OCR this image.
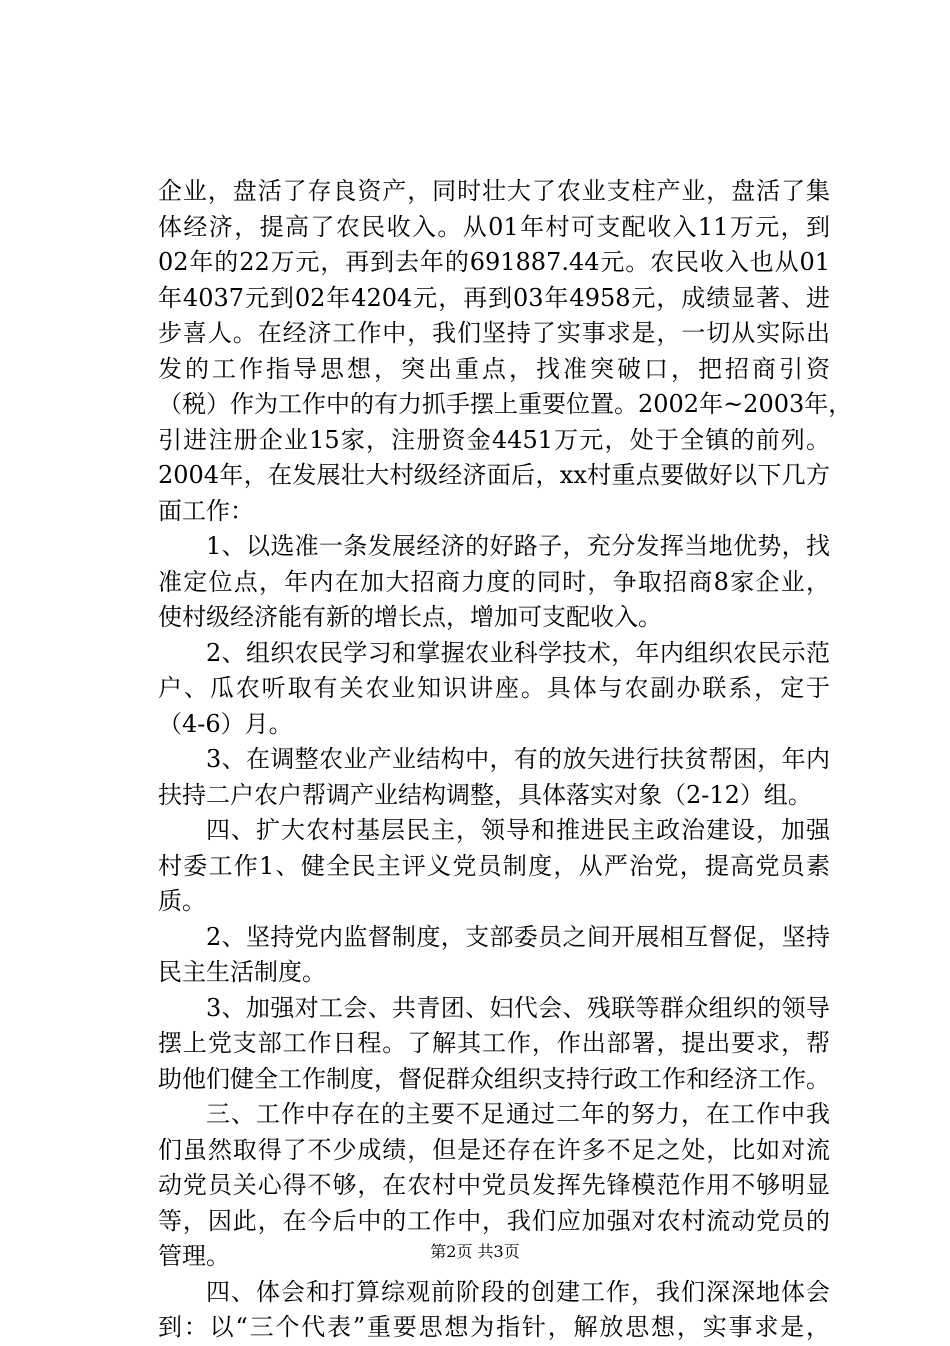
企业，盘活了存良资产，同时壮大了农业支柱产业，盘活了集
体经济，提高了农民收入。从01年村可支配收入11万元，到
02年的22万元，再到去年的691887.44元。农民收入也从01
年4037元到02年4204元，再到03年4958元，成绩显著、进
步喜人。在经济工作中，我们坚持了实事求是，一切从实际出
发的工作指导思想，突出重点，找准突破口，把招商引资
（税）作为工作中的有力抓手摆上重要位置。2002年~2003年，
引进注册企业15家，注册资金4451万元，处于全镇的前列。
2004年，在发展壮大村级经济面后，xx村重点要做好以下几方
面工作：
1、以选准一条发展经济的好路子，充分发挥当地优势，找
准定位点，年内在加大招商力度的同时，争取招商8家企业，
使村级经济能有新的增长点，增加可支配收入。
2、组织农民学习和掌握农业科学技术，年内组织农民示范
户、瓜农听取有关农业知识讲座。具体与农副办联系，定于
（4-6）月。
3、在调整农业产业结构中，有的放矢进行扶贫帮困，年内
扶持二户农户帮调产业结构调整，具体落实对象（2-12）组。
四、扩大农村基层民主，领导和推进民主政治建设，加强
村委工作1、健全民主评义党员制度，从严治党，提高党员素
质。
2、坚持党内监督制度，支部委员之间开展相互督促，坚持
民主生活制度。
3、加强对工会、共青团、妇代会、残联等群众组织的领导
摆上党支部工作日程。了解其工作，作出部署，提出要求，帮
助他们健全工作制度，督促群众组织支持行政工作和经济工作。
三、工作中存在的主要不足通过二年的努力，在工作中我
们虽然取得了不少成绩，但是还存在许多不足之处，比如对流
动党员关心得不够，在农村中党员发挥先锋模范作用不够明显
等，因此，在今后中的工作中，我们应加强对农村流动党员的
管理。
四、体会和打算综观前阶段的创建工作，我们深深地体会
到：以“三个代表”重要思想为指针，解放思想，实事求是，
第2页 共3页
